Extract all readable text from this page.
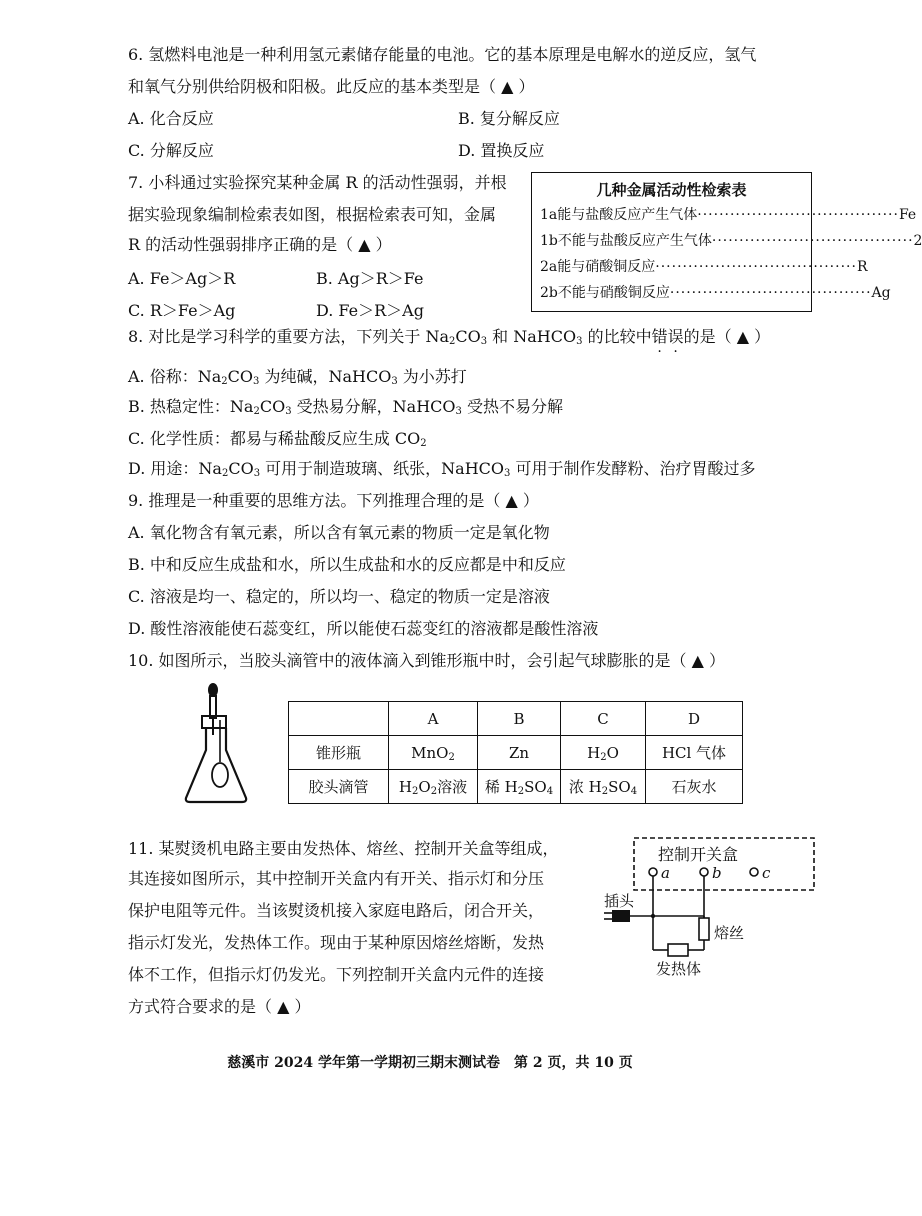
6. 氢燃料电池是一种利用氢元素储存能量的电池。它的基本原理是电解水的逆反应，氢气
和氧气分别供给阴极和阳极。此反应的基本类型是（ ▲ ）
A. 化合反应	B. 复分解反应
C. 分解反应	D. 置换反应
7. 小科通过实验探究某种金属 R 的活动性强弱，并根
据实验现象编制检索表如图，根据检索表可知，金属
R 的活动性强弱排序正确的是（ ▲ ）
A. Fe＞Ag＞R	B. Ag＞R＞Fe
C. R＞Fe＞Ag	D. Fe＞R＞Ag
几种金属活动性检索表
1a 能与盐酸反应产生气体 ····································· Fe
1b 不能与盐酸反应产生气体 ····································· 2
2a 能与硝酸铜反应 ····································· R
2b 不能与硝酸铜反应 ····································· Ag
8. 对比是学习科学的重要方法，下列关于 $Na_2CO_3$ 和 NaHCO$_3$ 的比较中错误的是（ ▲ ）
A. 俗称：$Na_2CO_3$ 为纯碱，NaHCO$_3$ 为小苏打
B. 热稳定性：$Na_2CO_3$ 受热易分解，NaHCO$_3$ 受热不易分解
C. 化学性质：都易与稀盐酸反应生成 $CO_2$
D. 用途：$Na_2CO_3$ 可用于制造玻璃、纸张，NaHCO$_3$ 可用于制作发酵粉、治疗胃酸过多
9. 推理是一种重要的思维方法。下列推理合理的是（ ▲ ）
A. 氧化物含有氧元素，所以含有氧元素的物质一定是氧化物
B. 中和反应生成盐和水，所以生成盐和水的反应都是中和反应
C. 溶液是均一、稳定的，所以均一、稳定的物质一定是溶液
D. 酸性溶液能使石蕊变红，所以能使石蕊变红的溶液都是酸性溶液
10. 如图所示，当胶头滴管中的液体滴入到锥形瓶中时，会引起气球膨胀的是（ ▲ ）
	A	B	C	D
锥形瓶	MnO$_2$	Zn	$H_2O$	HCl 气体
胶头滴管	$H_2O_2$溶液	稀 $H_2SO_4$	浓 $H_2SO_4$	石灰水
11. 某熨烫机电路主要由发热体、熔丝、控制开关盒等组成，
其连接如图所示，其中控制开关盒内有开关、指示灯和分压
保护电阻等元件。当该熨烫机接入家庭电路后，闭合开关，
指示灯发光，发热体工作。现由于某种原因熔丝熔断，发热
体不工作，但指示灯仍发光。下列控制开关盒内元件的连接
方式符合要求的是（ ▲ ）
控制开关盒
a	b	c
插头
熔丝
发热体
慈溪市 2024 学年第一学期初三期末测试卷　第 2 页，共 10 页
